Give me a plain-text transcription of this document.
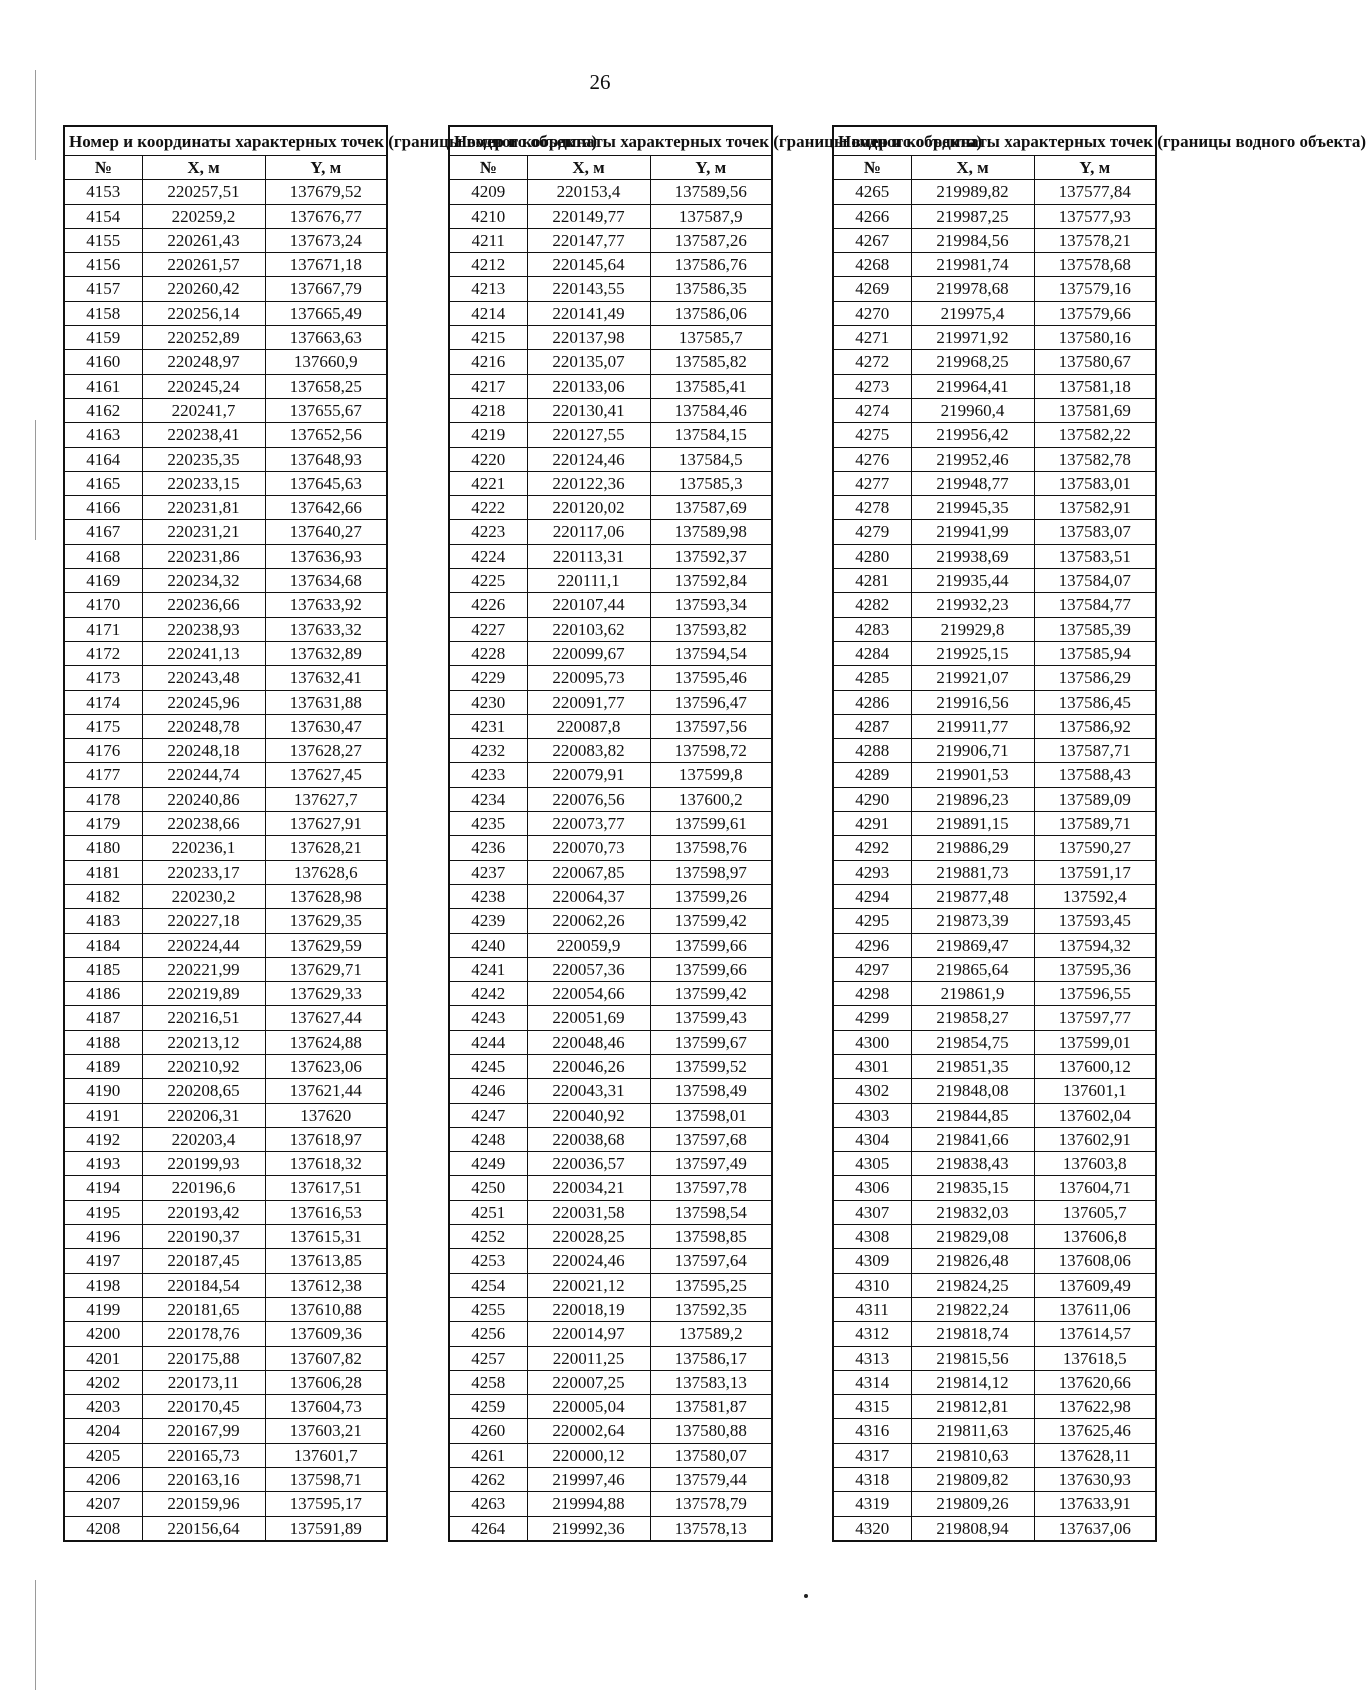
26
Номер и координаты характерных точек (границы водного объекта)		
№	X, м	Y, м
4153	220257,51	137679,52
4154	220259,2	137676,77
4155	220261,43	137673,24
4156	220261,57	137671,18
4157	220260,42	137667,79
4158	220256,14	137665,49
4159	220252,89	137663,63
4160	220248,97	137660,9
4161	220245,24	137658,25
4162	220241,7	137655,67
4163	220238,41	137652,56
4164	220235,35	137648,93
4165	220233,15	137645,63
4166	220231,81	137642,66
4167	220231,21	137640,27
4168	220231,86	137636,93
4169	220234,32	137634,68
4170	220236,66	137633,92
4171	220238,93	137633,32
4172	220241,13	137632,89
4173	220243,48	137632,41
4174	220245,96	137631,88
4175	220248,78	137630,47
4176	220248,18	137628,27
4177	220244,74	137627,45
4178	220240,86	137627,7
4179	220238,66	137627,91
4180	220236,1	137628,21
4181	220233,17	137628,6
4182	220230,2	137628,98
4183	220227,18	137629,35
4184	220224,44	137629,59
4185	220221,99	137629,71
4186	220219,89	137629,33
4187	220216,51	137627,44
4188	220213,12	137624,88
4189	220210,92	137623,06
4190	220208,65	137621,44
4191	220206,31	137620
4192	220203,4	137618,97
4193	220199,93	137618,32
4194	220196,6	137617,51
4195	220193,42	137616,53
4196	220190,37	137615,31
4197	220187,45	137613,85
4198	220184,54	137612,38
4199	220181,65	137610,88
4200	220178,76	137609,36
4201	220175,88	137607,82
4202	220173,11	137606,28
4203	220170,45	137604,73
4204	220167,99	137603,21
4205	220165,73	137601,7
4206	220163,16	137598,71
4207	220159,96	137595,17
4208	220156,64	137591,89
Номер и координаты характерных точек (границы водного объекта)		
№	X, м	Y, м
4209	220153,4	137589,56
4210	220149,77	137587,9
4211	220147,77	137587,26
4212	220145,64	137586,76
4213	220143,55	137586,35
4214	220141,49	137586,06
4215	220137,98	137585,7
4216	220135,07	137585,82
4217	220133,06	137585,41
4218	220130,41	137584,46
4219	220127,55	137584,15
4220	220124,46	137584,5
4221	220122,36	137585,3
4222	220120,02	137587,69
4223	220117,06	137589,98
4224	220113,31	137592,37
4225	220111,1	137592,84
4226	220107,44	137593,34
4227	220103,62	137593,82
4228	220099,67	137594,54
4229	220095,73	137595,46
4230	220091,77	137596,47
4231	220087,8	137597,56
4232	220083,82	137598,72
4233	220079,91	137599,8
4234	220076,56	137600,2
4235	220073,77	137599,61
4236	220070,73	137598,76
4237	220067,85	137598,97
4238	220064,37	137599,26
4239	220062,26	137599,42
4240	220059,9	137599,66
4241	220057,36	137599,66
4242	220054,66	137599,42
4243	220051,69	137599,43
4244	220048,46	137599,67
4245	220046,26	137599,52
4246	220043,31	137598,49
4247	220040,92	137598,01
4248	220038,68	137597,68
4249	220036,57	137597,49
4250	220034,21	137597,78
4251	220031,58	137598,54
4252	220028,25	137598,85
4253	220024,46	137597,64
4254	220021,12	137595,25
4255	220018,19	137592,35
4256	220014,97	137589,2
4257	220011,25	137586,17
4258	220007,25	137583,13
4259	220005,04	137581,87
4260	220002,64	137580,88
4261	220000,12	137580,07
4262	219997,46	137579,44
4263	219994,88	137578,79
4264	219992,36	137578,13
Номер и координаты характерных точек (границы водного объекта)		
№	X, м	Y, м
4265	219989,82	137577,84
4266	219987,25	137577,93
4267	219984,56	137578,21
4268	219981,74	137578,68
4269	219978,68	137579,16
4270	219975,4	137579,66
4271	219971,92	137580,16
4272	219968,25	137580,67
4273	219964,41	137581,18
4274	219960,4	137581,69
4275	219956,42	137582,22
4276	219952,46	137582,78
4277	219948,77	137583,01
4278	219945,35	137582,91
4279	219941,99	137583,07
4280	219938,69	137583,51
4281	219935,44	137584,07
4282	219932,23	137584,77
4283	219929,8	137585,39
4284	219925,15	137585,94
4285	219921,07	137586,29
4286	219916,56	137586,45
4287	219911,77	137586,92
4288	219906,71	137587,71
4289	219901,53	137588,43
4290	219896,23	137589,09
4291	219891,15	137589,71
4292	219886,29	137590,27
4293	219881,73	137591,17
4294	219877,48	137592,4
4295	219873,39	137593,45
4296	219869,47	137594,32
4297	219865,64	137595,36
4298	219861,9	137596,55
4299	219858,27	137597,77
4300	219854,75	137599,01
4301	219851,35	137600,12
4302	219848,08	137601,1
4303	219844,85	137602,04
4304	219841,66	137602,91
4305	219838,43	137603,8
4306	219835,15	137604,71
4307	219832,03	137605,7
4308	219829,08	137606,8
4309	219826,48	137608,06
4310	219824,25	137609,49
4311	219822,24	137611,06
4312	219818,74	137614,57
4313	219815,56	137618,5
4314	219814,12	137620,66
4315	219812,81	137622,98
4316	219811,63	137625,46
4317	219810,63	137628,11
4318	219809,82	137630,93
4319	219809,26	137633,91
4320	219808,94	137637,06
